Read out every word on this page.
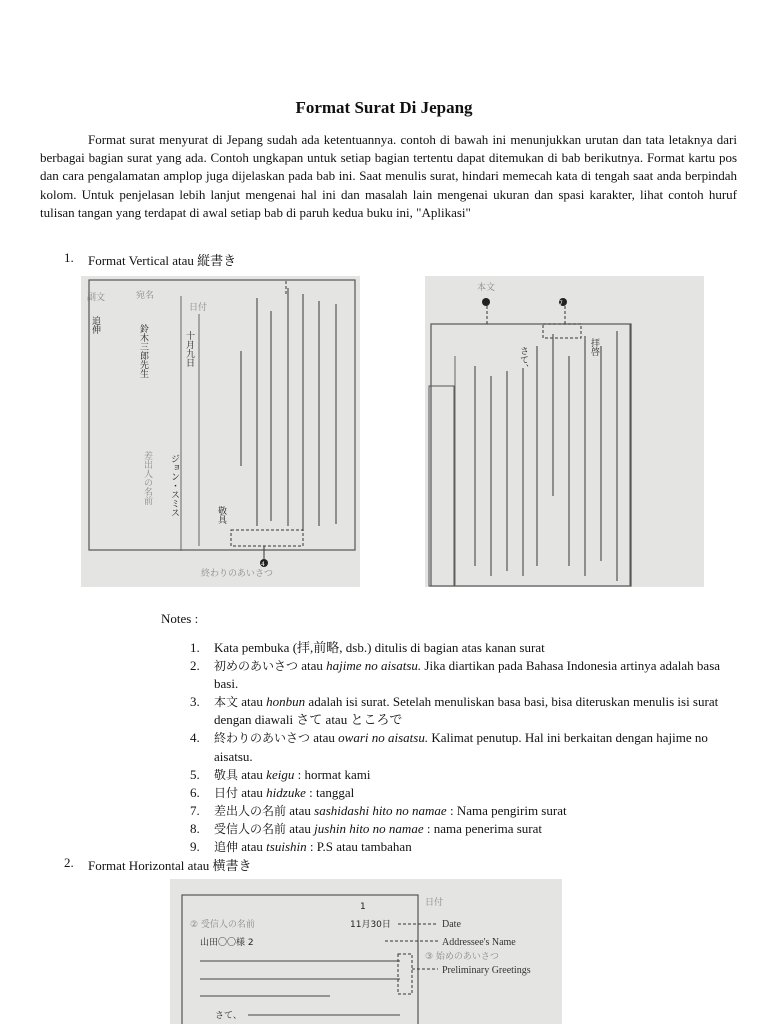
Format Surat Di Jepang

Format surat menyurat di Jepang sudah ada ketentuannya. contoh di bawah ini menunjukkan urutan dan tata letaknya dari berbagai bagian surat yang ada. Contoh ungkapan untuk setiap bagian tertentu dapat ditemukan di bab berikutnya. Format kartu pos dan cara pengalamatan amplop juga dijelaskan pada bab ini. Saat menulis surat, hindari memecah kata di tengah saat anda berpindah kolom. Untuk penjelasan lebih lanjut mengenai hal ini dan masalah lain mengenai ukuran dan spasi karakter, lihat contoh huruf tulisan tangan yang terdapat di awal setiap bab di paruh kedua buku ini, "Aplikasi"

1. Format Vertical atau 縦書き
4
副文	宛名
日付
追伸	鈴木三郎先生	十月九日
ジョン・スミス
差出人の名前
敬具
終わりのあいさつ
7
本文
さて、	拝啓
Notes :
1. Kata pembuka (拝,前略, dsb.) ditulis di bagian atas kanan surat
2. 初めのあいさつ atau hajime no aisatsu. Jika diartikan pada Bahasa Indonesia artinya adalah basa basi.
3. 本文 atau honbun adalah isi surat. Setelah menuliskan basa basi, bisa diteruskan menulis isi surat dengan diawali さて atau ところで
4. 終わりのあいさつ atau owari no aisatsu. Kalimat penutup. Hal ini berkaitan dengan hajime no aisatsu.
5. 敬具 atau keigu : hormat kami
6. 日付 atau hidzuke : tanggal
7. 差出人の名前 atau sashidashi hito no namae : Nama pengirim surat
8. 受信人の名前 atau jushin hito no namae : nama penerima surat
9. 追伸 atau tsuishin : P.S atau tambahan
2. Format Horizontal atau 横書き
1	日付
② 受信人の名前	11月30日	Date
山田〇〇様 2	Addressee's Name
③ 始めのあいさつ
Preliminary Greetings
さて、
